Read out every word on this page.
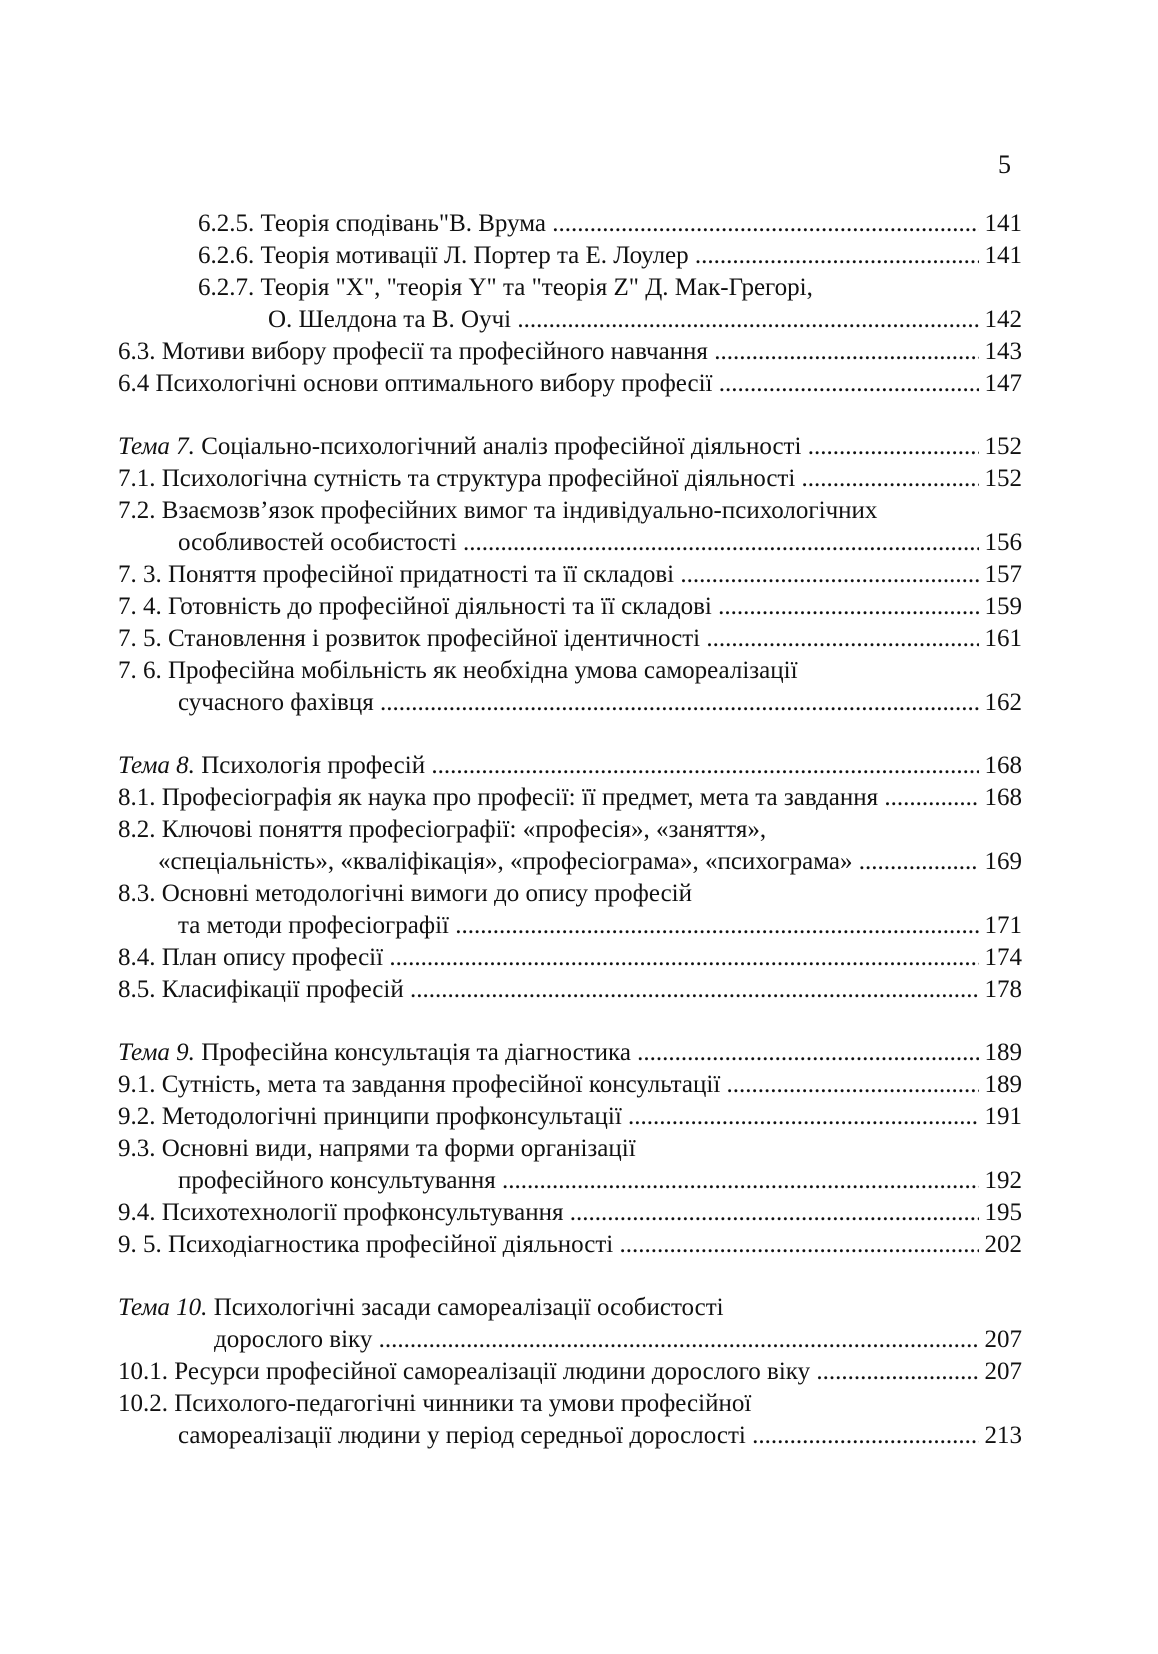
5
6.2.5. Теорія сподівань"В. Врума .....	141
6.2.6. Теорія мотивації Л. Портер та Е. Лоулер .....	141
6.2.7. Теорія "X", "теорія Y" та "теорія Z" Д. Мак-Грегорі,
О. Шелдона та В. Оучі .....	142
6.3. Мотиви вибору професії та професійного навчання .....	143
6.4 Психологічні основи оптимального вибору професії .....	147
Тема 7. Соціально-психологічний аналіз професійної діяльності .....	152
7.1. Психологічна сутність та структура професійної діяльності .....	152
7.2. Взаємозв’язок професійних вимог та індивідуально-психологічних
особливостей особистості .....	156
7. 3. Поняття професійної придатності та її складові .....	157
7. 4. Готовність до професійної діяльності та її складові .....	159
7. 5. Становлення і розвиток професійної ідентичності .....	161
7. 6. Професійна мобільність як необхідна умова самореалізації
сучасного фахівця .....	162
Тема 8. Психологія професій .....	168
8.1. Професіографія як наука про професії: її предмет, мета та завдання .....	168
8.2. Ключові поняття професіографії: «професія», «заняття»,
«спеціальність», «кваліфікація», «професіограма», «психограма» .....	169
8.3. Основні методологічні вимоги до опису професій
та методи професіографії .....	171
8.4. План опису професії .....	174
8.5. Класифікації професій .....	178
Тема 9. Професійна консультація та діагностика .....	189
9.1. Сутність, мета та завдання професійної консультації .....	189
9.2. Методологічні принципи профконсультації .....	191
9.3. Основні види, напрями та форми організації
професійного консультування .....	192
9.4. Психотехнології профконсультування .....	195
9. 5. Психодіагностика професійної діяльності .....	202
Тема 10. Психологічні засади самореалізації особистості
дорослого віку .....	207
10.1. Ресурси професійної самореалізації людини дорослого віку .....	207
10.2. Психолого-педагогічні чинники та умови професійної
самореалізації людини у період середньої дорослості .....	213
